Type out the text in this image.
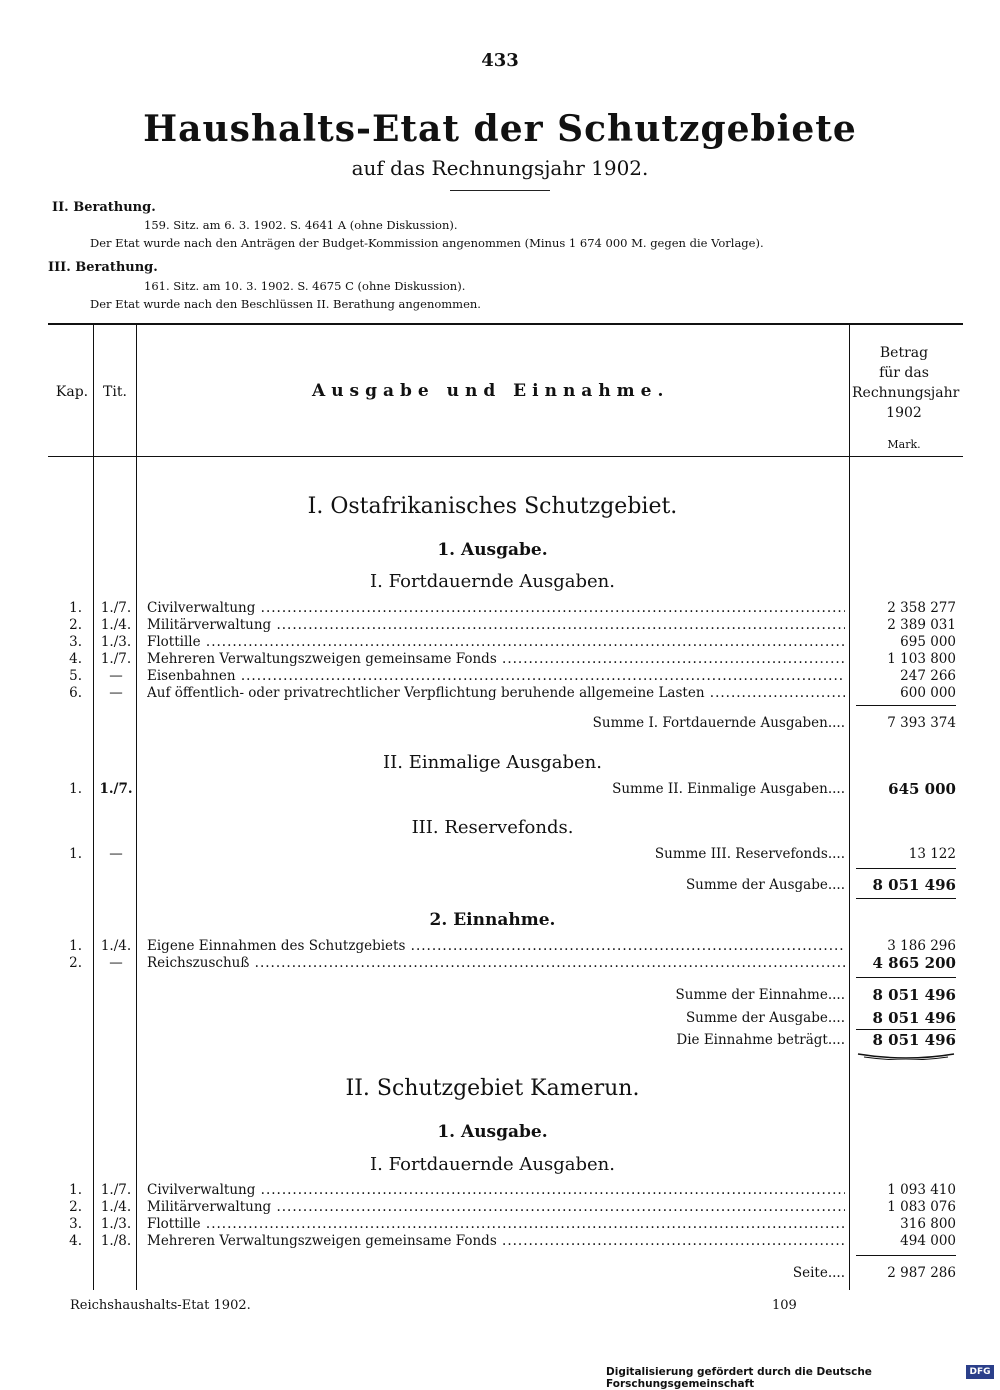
433
Haushalts-Etat der Schutzgebiete
auf das Rechnungsjahr 1902.
II. Berathung.
159. Sitz. am 6. 3. 1902. S. 4641 A (ohne Diskussion).
Der Etat wurde nach den Anträgen der Budget-Kommission angenommen (Minus 1 674 000 M. gegen die Vorlage).
III. Berathung.
161. Sitz. am 10. 3. 1902. S. 4675 C (ohne Diskussion).
Der Etat wurde nach den Beschlüssen II. Berathung angenommen.
Kap.	Tit.	Ausgabe und Einnahme.
Betrag
für das
Rechnungsjahr
1902
Mark.
I. Ostafrikanisches Schutzgebiet.
1. Ausgabe.
I. Fortdauernde Ausgaben.
1. 1./7. Civilverwaltung .....	2 358 277
2. 1./4. Militärverwaltung .....	2 389 031
3. 1./3. Flottille .....	695 000
4. 1./7. Mehreren Verwaltungszweigen gemeinsame Fonds .....	1 103 800
5.	—	Eisenbahnen .....	247 266
6.	—	Auf öffentlich- oder privatrechtlicher Verpflichtung beruhende allgemeine Lasten .....	600 000
Summe I. Fortdauernde Ausgaben....	7 393 374
II. Einmalige Ausgaben.
1. 1./7.	Summe II. Einmalige Ausgaben....	645 000
III. Reservefonds.
1.	—	Summe III. Reservefonds....	13 122
Summe der Ausgabe....	8 051 496
2. Einnahme.
1. 1./4. Eigene Einnahmen des Schutzgebiets .....	3 186 296
2.	—	Reichszuschuß .....	4 865 200
Summe der Einnahme....	8 051 496
Summe der Ausgabe....	8 051 496
Die Einnahme beträgt....	8 051 496
II. Schutzgebiet Kamerun.
1. Ausgabe.
I. Fortdauernde Ausgaben.
1. 1./7. Civilverwaltung .....	1 093 410
2. 1./4. Militärverwaltung .....	1 083 076
3. 1./3. Flottille .....	316 800
4. 1./8. Mehreren Verwaltungszweigen gemeinsame Fonds .....	494 000
Seite....	2 987 286
Reichshaushalts-Etat 1902.	109
Digitalisierung gefördert durch die Deutsche Forschungsgemeinschaft
DFG
